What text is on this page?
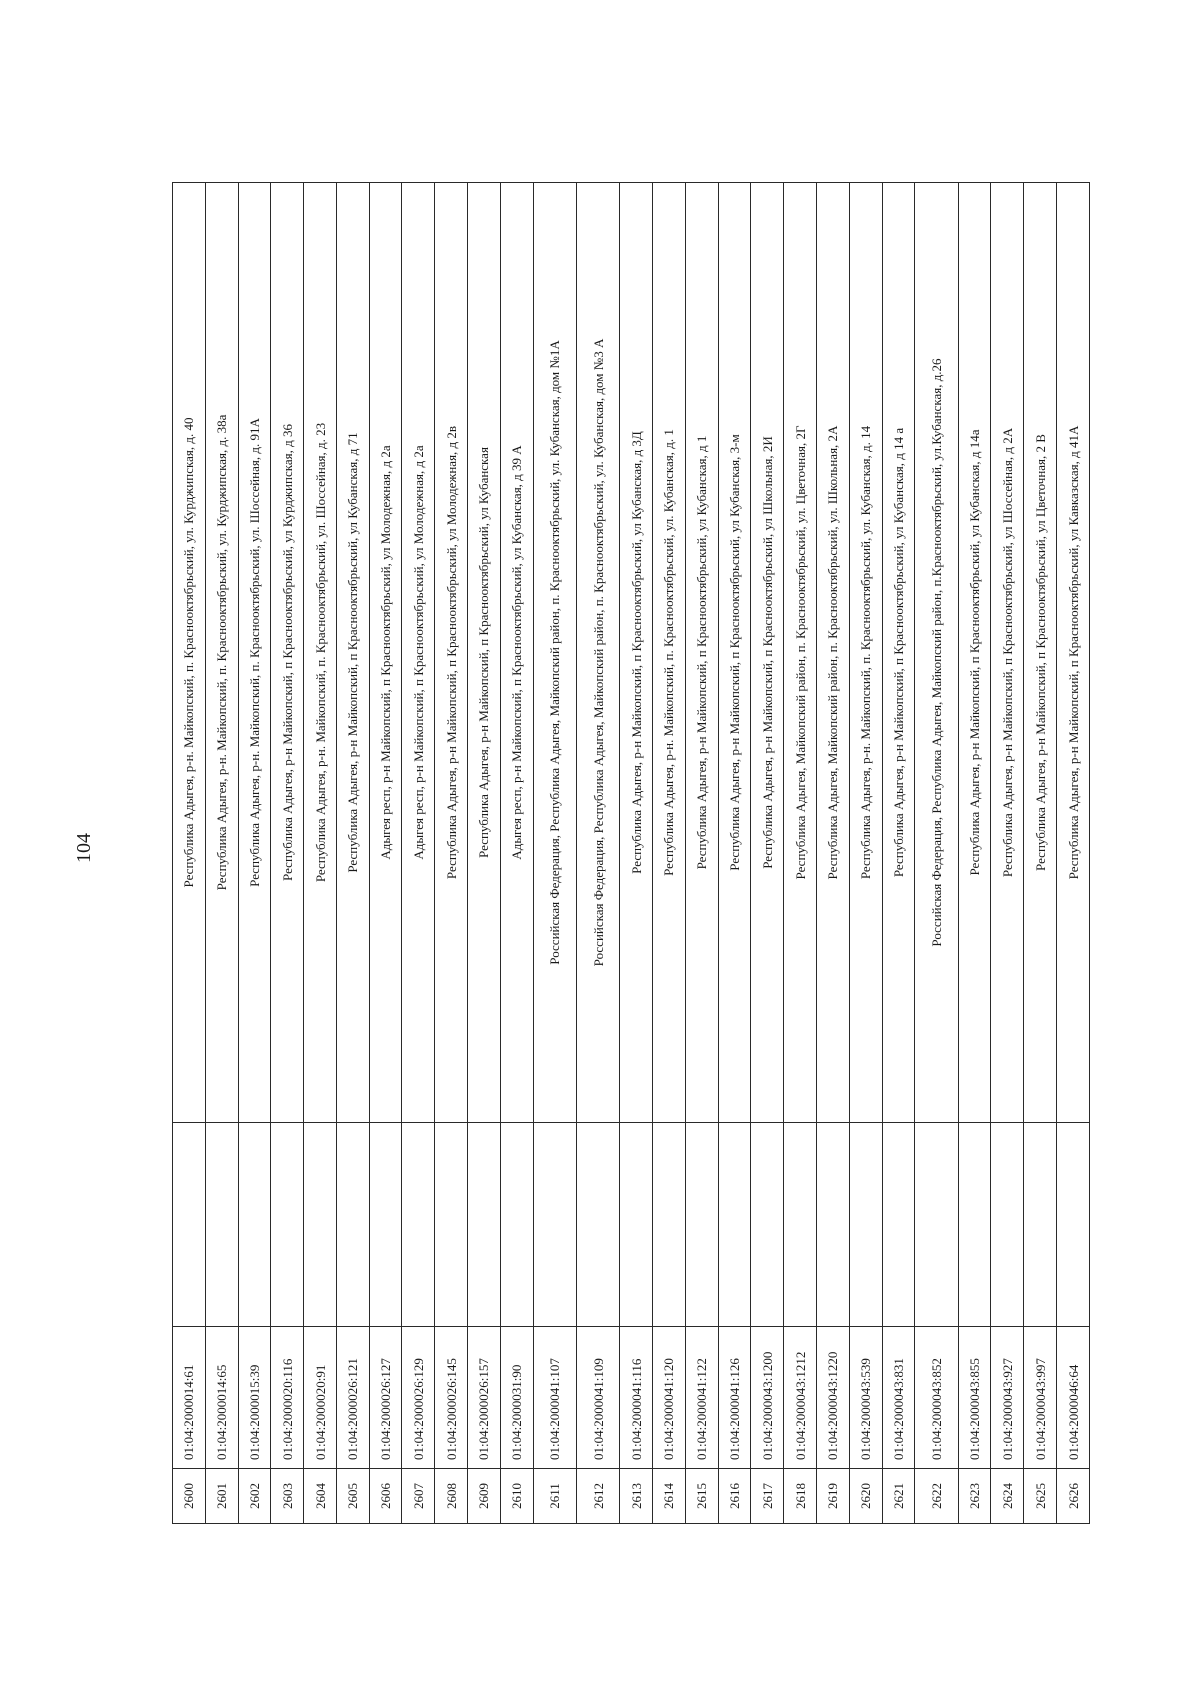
104
2600	01:04:2000014:61		Республика Адыгея, р-н. Майкопский, п. Краснооктябрьский, ул. Курджипская, д. 40
2601	01:04:2000014:65		Республика Адыгея, р-н. Майкопский, п. Краснооктябрьский, ул. Курджипская, д. 38а
2602	01:04:2000015:39		Республика Адыгея, р-н. Майкопский, п. Краснооктябрьский, ул. Шоссейная, д. 91А
2603	01:04:2000020:116		Республика Адыгея, р-н Майкопский, п Краснооктябрьский, ул Курджипская, д 36
2604	01:04:2000020:91		Республика Адыгея, р-н. Майкопский, п. Краснооктябрьский, ул. Шоссейная, д. 23
2605	01:04:2000026:121		Республика Адыгея, р-н Майкопский, п Краснооктябрьский, ул Кубанская, д 71
2606	01:04:2000026:127		Адыгея респ, р-н Майкопский, п Краснооктябрьский, ул Молодежная, д 2а
2607	01:04:2000026:129		Адыгея респ, р-н Майкопский, п Краснооктябрьский, ул Молодежная, д 2а
2608	01:04:2000026:145		Республика Адыгея, р-н Майкопский, п Краснооктябрьский, ул Молодежная, д 2в
2609	01:04:2000026:157		Республика Адыгея, р-н Майкопский, п Краснооктябрьский, ул Кубанская
2610	01:04:2000031:90		Адыгея респ, р-н Майкопский, п Краснооктябрьский, ул Кубанская, д 39 А
2611	01:04:2000041:107		Российская Федерация, Республика Адыгея, Майкопский район, п. Краснооктябрьский, ул. Кубанская, дом №1А
2612	01:04:2000041:109		Российская Федерация, Республика Адыгея, Майкопский район, п. Краснооктябрьский, ул. Кубанская, дом №3 А
2613	01:04:2000041:116		Республика Адыгея, р-н Майкопский, п Краснооктябрьский, ул Кубанская, д 3Д
2614	01:04:2000041:120		Республика Адыгея, р-н. Майкопский, п. Краснооктябрьский, ул. Кубанская, д. 1
2615	01:04:2000041:122		Республика Адыгея, р-н Майкопский, п Краснооктябрьский, ул Кубанская, д 1
2616	01:04:2000041:126		Республика Адыгея, р-н Майкопский, п Краснооктябрьский, ул Кубанская, 3-м
2617	01:04:2000043:1200		Республика Адыгея, р-н Майкопский, п Краснооктябрьский, ул Школьная, 2И
2618	01:04:2000043:1212		Республика Адыгея, Майкопский район, п. Краснооктябрьский, ул. Цветочная, 2Г
2619	01:04:2000043:1220		Республика Адыгея, Майкопский район, п. Краснооктябрьский, ул. Школьная, 2А
2620	01:04:2000043:539		Республика Адыгея, р-н. Майкопский, п. Краснооктябрьский, ул. Кубанская, д. 14
2621	01:04:2000043:831		Республика Адыгея, р-н Майкопский, п Краснооктябрьский, ул Кубанская, д 14 а
2622	01:04:2000043:852		Российская Федерация, Республика Адыгея, Майкопский район, п.Краснооктябрьский, ул.Кубанская, д.26
2623	01:04:2000043:855		Республика Адыгея, р-н Майкопский, п Краснооктябрьский, ул Кубанская, д 14а
2624	01:04:2000043:927		Республика Адыгея, р-н Майкопский, п Краснооктябрьский, ул Шоссейная, д 2А
2625	01:04:2000043:997		Республика Адыгея, р-н Майкопский, п Краснооктябрьский, ул Цветочная, 2 В
2626	01:04:2000046:64		Республика Адыгея, р-н Майкопский, п Краснооктябрьский, ул Кавказская, д 41А
